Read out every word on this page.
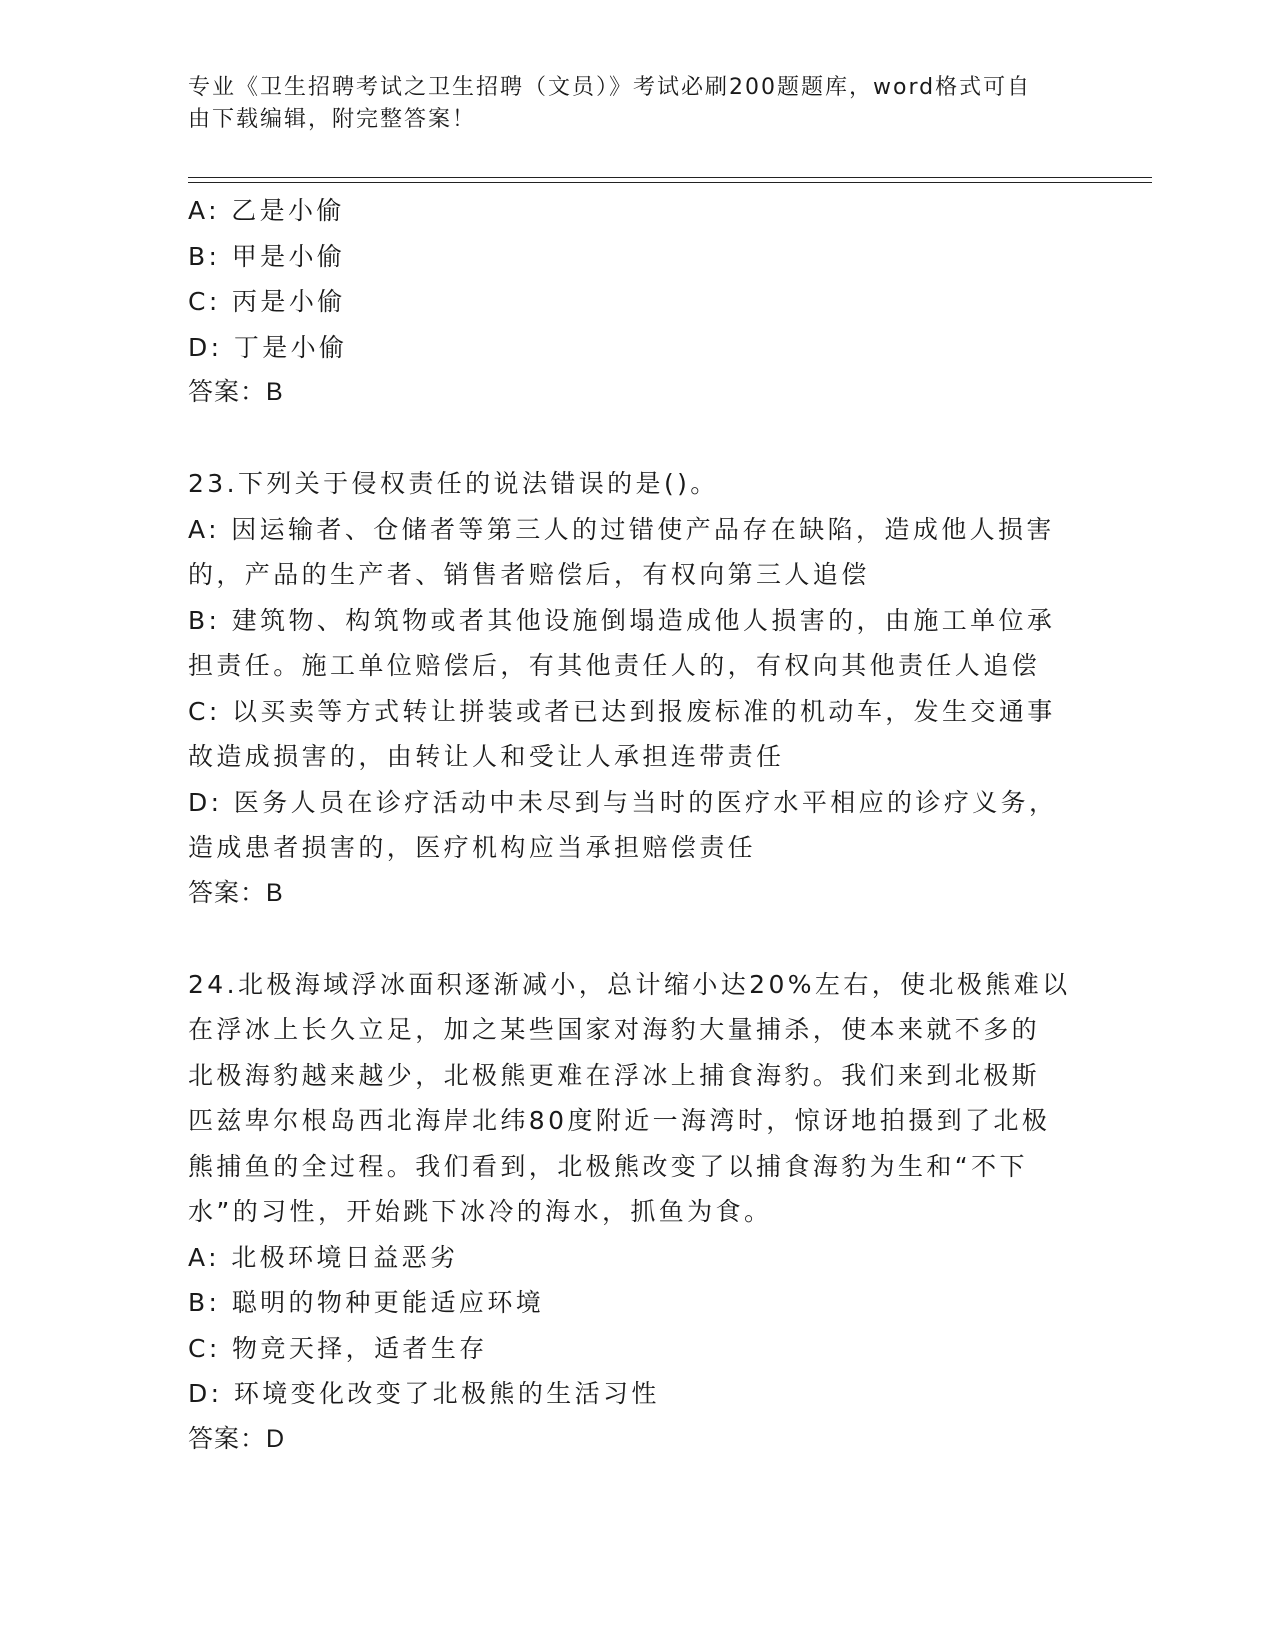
专业《卫生招聘考试之卫生招聘（文员）》考试必刷200题题库，word格式可自
由下载编辑，附完整答案！
A: 乙是小偷
B: 甲是小偷
C: 丙是小偷
D: 丁是小偷
答案：B
23.下列关于侵权责任的说法错误的是()。
A: 因运输者、仓储者等第三人的过错使产品存在缺陷，造成他人损害
的，产品的生产者、销售者赔偿后，有权向第三人追偿
B: 建筑物、构筑物或者其他设施倒塌造成他人损害的，由施工单位承
担责任。施工单位赔偿后，有其他责任人的，有权向其他责任人追偿
C: 以买卖等方式转让拼装或者已达到报废标准的机动车，发生交通事
故造成损害的，由转让人和受让人承担连带责任
D: 医务人员在诊疗活动中未尽到与当时的医疗水平相应的诊疗义务，
造成患者损害的，医疗机构应当承担赔偿责任
答案：B
24.北极海域浮冰面积逐渐减小，总计缩小达20%左右，使北极熊难以
在浮冰上长久立足，加之某些国家对海豹大量捕杀，使本来就不多的
北极海豹越来越少，北极熊更难在浮冰上捕食海豹。我们来到北极斯
匹兹卑尔根岛西北海岸北纬80度附近一海湾时，惊讶地拍摄到了北极
熊捕鱼的全过程。我们看到，北极熊改变了以捕食海豹为生和“不下
水”的习性，开始跳下冰冷的海水，抓鱼为食。
A: 北极环境日益恶劣
B: 聪明的物种更能适应环境
C: 物竞天择，适者生存
D: 环境变化改变了北极熊的生活习性
答案：D
